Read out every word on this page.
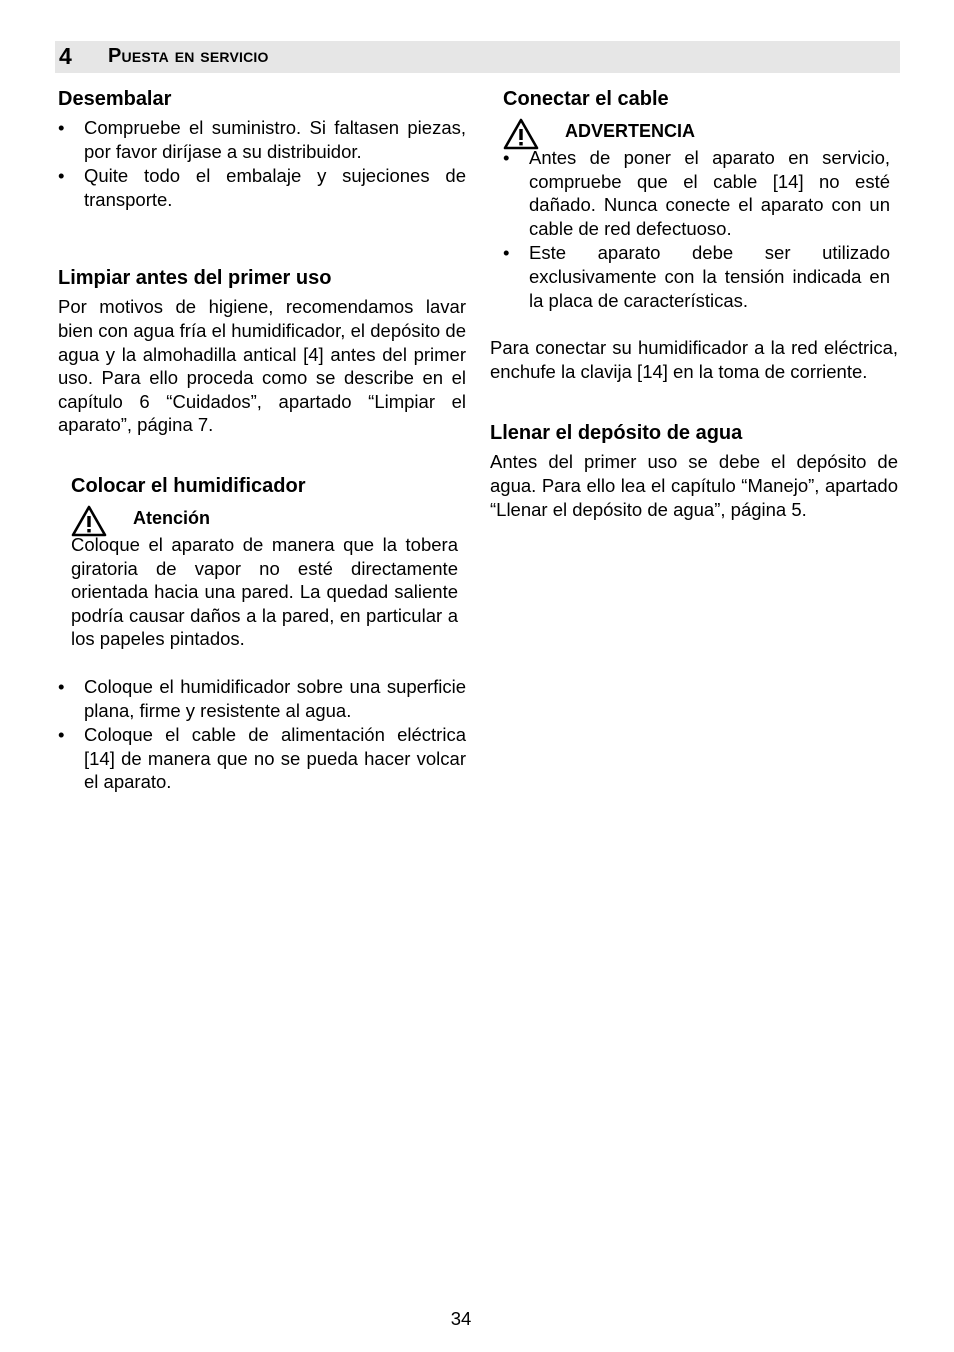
4 Puesta en servicio
Desembalar
• Compruebe el suministro. Si faltasen piezas, por favor diríjase a su distribuidor.
• Quite todo el embalaje y sujeciones de transporte.
Limpiar antes del primer uso

Por motivos de higiene, recomendamos lavar bien con agua fría el humidificador, el depósito de agua y la almohadilla antical [4] antes del primer uso. Para ello proceda como se describe en el capítulo 6 “Cuidados”, apartado “Limpiar el aparato”, página 7.

Colocar el humidificador
Atención

Coloque el aparato de manera que la tobera giratoria de vapor no esté directamente orientada hacia una pared. La quedad saliente podría causar daños a la pared, en particular a los papeles pintados.

• Coloque el humidificador sobre una superficie plana, firme y resistente al agua.
• Coloque el cable de alimentación eléctrica [14] de manera que no se pueda hacer volcar el aparato.
Conectar el cable
ADVERTENCIA
• Antes de poner el aparato en servicio, compruebe que el cable [14] no esté dañado. Nunca conecte el aparato con un cable de red defectuoso.
• Este aparato debe ser utilizado exclusivamente con la tensión indicada en la placa de características.

Para conectar su humidificador a la red eléctrica, enchufe la clavija [14] en la toma de corriente.

Llenar el depósito de agua

Antes del primer uso se debe el depósito de agua. Para ello lea el capítulo “Manejo”, apartado “Llenar el depósito de agua”, página 5.

34
